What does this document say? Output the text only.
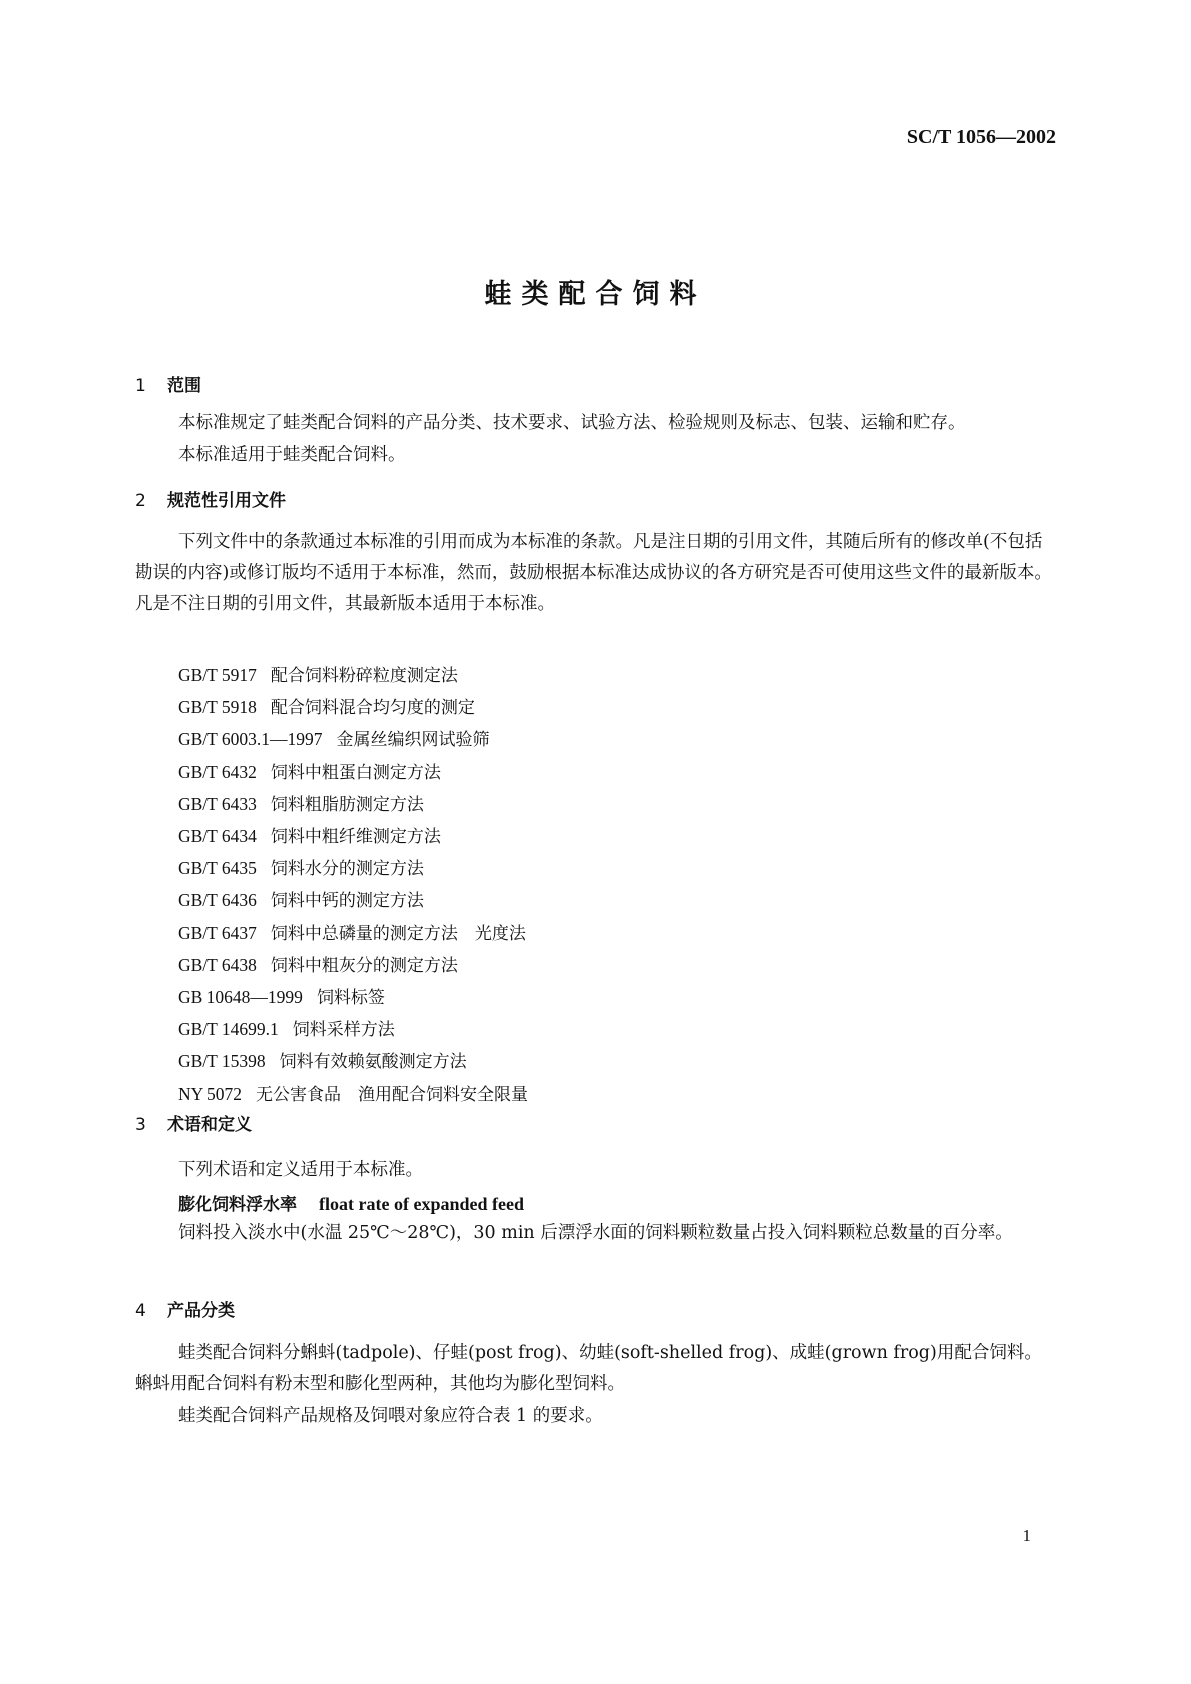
SC/T 1056—2002
蛙类配合饲料
1 范围
本标准规定了蛙类配合饲料的产品分类、技术要求、试验方法、检验规则及标志、包装、运输和贮存。
本标准适用于蛙类配合饲料。
2 规范性引用文件
下列文件中的条款通过本标准的引用而成为本标准的条款。凡是注日期的引用文件，其随后所有的修改单(不包括勘误的内容)或修订版均不适用于本标准，然而，鼓励根据本标准达成协议的各方研究是否可使用这些文件的最新版本。凡是不注日期的引用文件，其最新版本适用于本标准。
GB/T 5917 配合饲料粉碎粒度测定法
GB/T 5918 配合饲料混合均匀度的测定
GB/T 6003.1—1997 金属丝编织网试验筛
GB/T 6432 饲料中粗蛋白测定方法
GB/T 6433 饲料粗脂肪测定方法
GB/T 6434 饲料中粗纤维测定方法
GB/T 6435 饲料水分的测定方法
GB/T 6436 饲料中钙的测定方法
GB/T 6437 饲料中总磷量的测定方法　光度法
GB/T 6438 饲料中粗灰分的测定方法
GB 10648—1999 饲料标签
GB/T 14699.1 饲料采样方法
GB/T 15398 饲料有效赖氨酸测定方法
NY 5072 无公害食品　渔用配合饲料安全限量
3 术语和定义
下列术语和定义适用于本标准。
膨化饲料浮水率 float rate of expanded feed
饲料投入淡水中(水温 25℃～28℃)，30 min 后漂浮水面的饲料颗粒数量占投入饲料颗粒总数量的百分率。
4 产品分类
蛙类配合饲料分蝌蚪(tadpole)、仔蛙(post frog)、幼蛙(soft-shelled frog)、成蛙(grown frog)用配合饲料。蝌蚪用配合饲料有粉末型和膨化型两种，其他均为膨化型饲料。
蛙类配合饲料产品规格及饲喂对象应符合表 1 的要求。
1
